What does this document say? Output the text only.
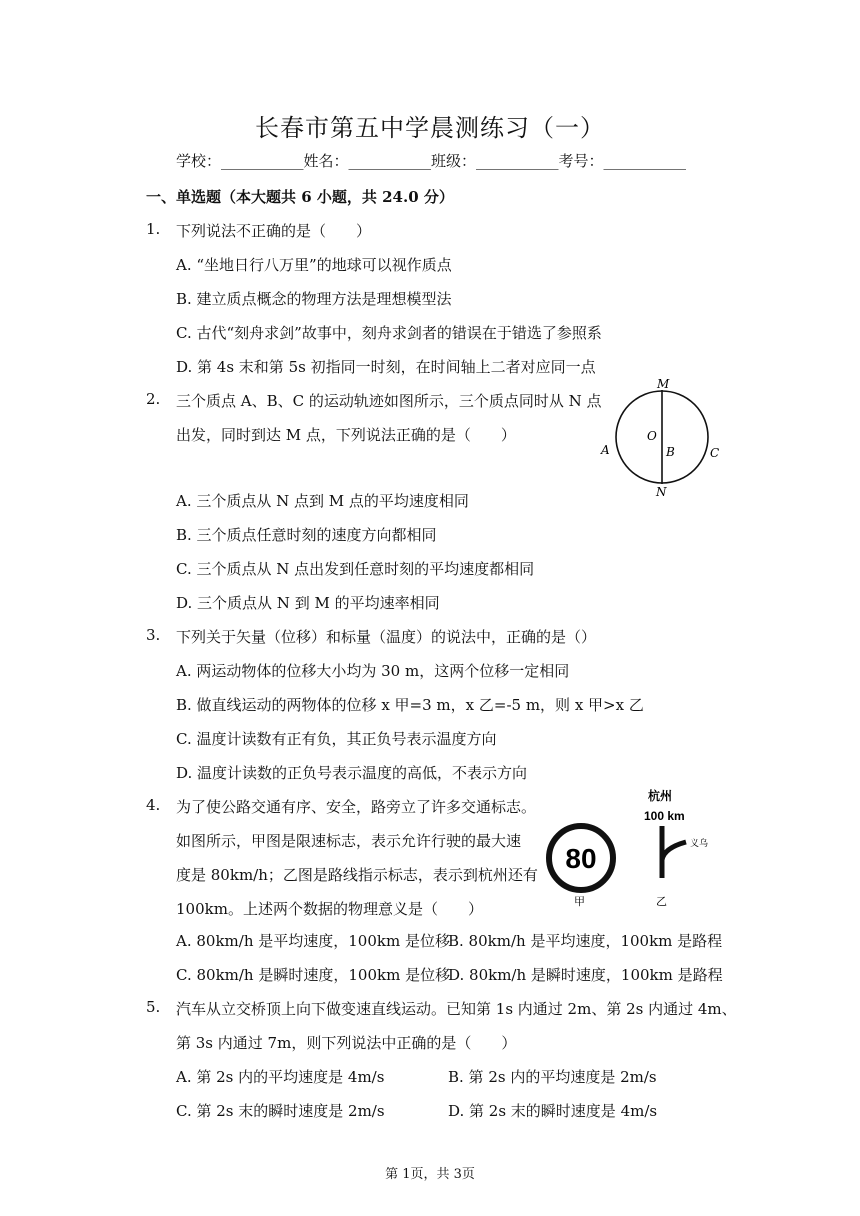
长春市第五中学晨测练习（一）
学校：___________姓名：___________班级：___________考号：___________
一、单选题（本大题共 6 小题，共 24.0 分）
1. 下列说法不正确的是（　　）
A. “坐地日行八万里”的地球可以视作质点
B. 建立质点概念的物理方法是理想模型法
C. 古代“刻舟求剑”故事中，刻舟求剑者的错误在于错选了参照系
D. 第 4s 末和第 5s 初指同一时刻，在时间轴上二者对应同一点
2. 三个质点 A、B、C 的运动轨迹如图所示，三个质点同时从 N 点
出发，同时到达 M 点，下列说法正确的是（　　）
M
N
O
B
A	C
A. 三个质点从 N 点到 M 点的平均速度相同
B. 三个质点任意时刻的速度方向都相同
C. 三个质点从 N 点出发到任意时刻的平均速度都相同
D. 三个质点从 N 到 M 的平均速率相同
3. 下列关于矢量（位移）和标量（温度）的说法中，正确的是（）
A. 两运动物体的位移大小均为 30 m，这两个位移一定相同
B. 做直线运动的两物体的位移 x 甲=3 m，x 乙=-5 m，则 x 甲>x 乙
C. 温度计读数有正有负，其正负号表示温度方向
D. 温度计读数的正负号表示温度的高低，不表示方向
4. 为了使公路交通有序、安全，路旁立了许多交通标志。
如图所示，甲图是限速标志，表示允许行驶的最大速
度是 80km/h；乙图是路线指示标志，表示到杭州还有
100km。上述两个数据的物理意义是（　　）
80
甲
杭州
100 km
义乌
乙
A. 80km/h 是平均速度，100km 是位移
B. 80km/h 是平均速度，100km 是路程
C. 80km/h 是瞬时速度，100km 是位移
D. 80km/h 是瞬时速度，100km 是路程
5. 汽车从立交桥顶上向下做变速直线运动。已知第 1s 内通过 2m、第 2s 内通过 4m、
第 3s 内通过 7m，则下列说法中正确的是（　　）
A. 第 2s 内的平均速度是 4m/s	B. 第 2s 内的平均速度是 2m/s
C. 第 2s 末的瞬时速度是 2m/s	D. 第 2s 末的瞬时速度是 4m/s
第 1页，共 3页
